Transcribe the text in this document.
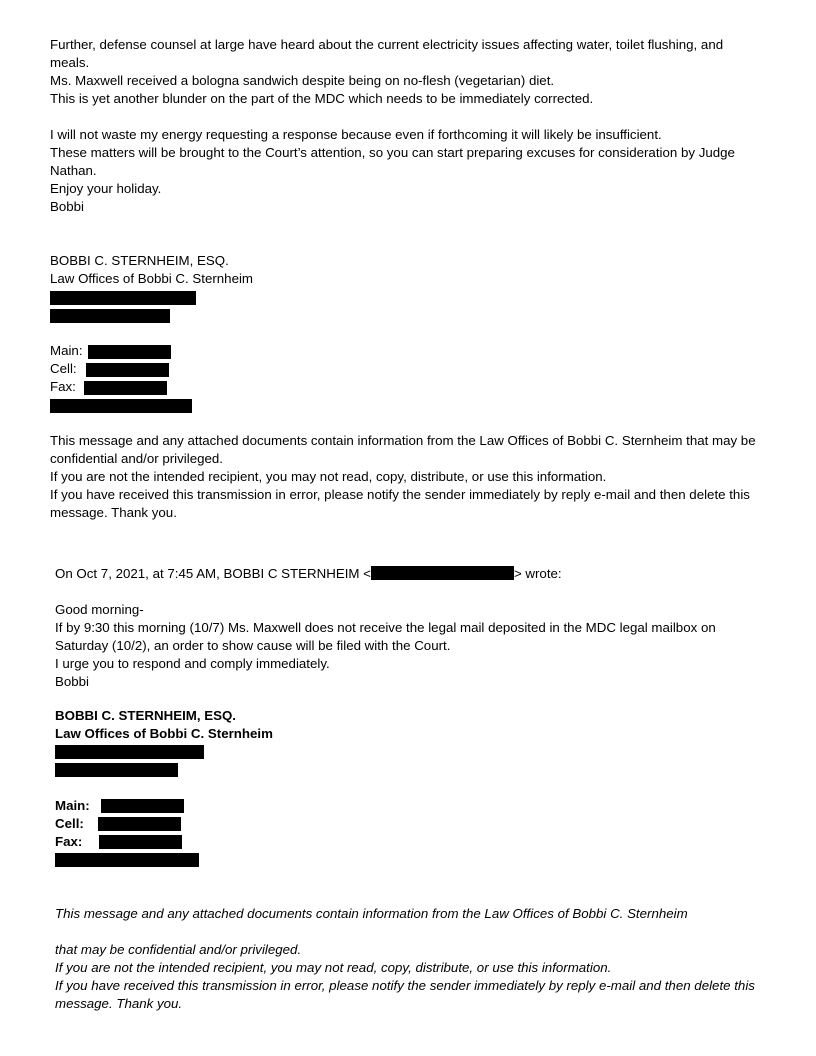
Further, defense counsel at large have heard about the current electricity issues affecting water, toilet flushing, and
meals.
Ms. Maxwell received a bologna sandwich despite being on no-flesh (vegetarian) diet.
This is yet another blunder on the part of the MDC which needs to be immediately corrected.
I will not waste my energy requesting a response because even if forthcoming it will likely be insufficient.
These matters will be brought to the Court’s attention, so you can start preparing excuses for consideration by Judge
Nathan.
Enjoy your holiday.
Bobbi
BOBBI C. STERNHEIM, ESQ.
Law Offices of Bobbi C. Sternheim
Main:
Cell:
Fax:
This message and any attached documents contain information from the Law Offices of Bobbi C. Sternheim that may be
confidential and/or privileged.
If you are not the intended recipient, you may not read, copy, distribute, or use this information.
If you have received this transmission in error, please notify the sender immediately by reply e-mail and then delete this
message. Thank you.
On Oct 7, 2021, at 7:45 AM, BOBBI C STERNHEIM <	> wrote:
Good morning-
If by 9:30 this morning (10/7) Ms. Maxwell does not receive the legal mail deposited in the MDC legal mailbox on
Saturday (10/2), an order to show cause will be filed with the Court.
I urge you to respond and comply immediately.
Bobbi
BOBBI C. STERNHEIM, ESQ.
Law Offices of Bobbi C. Sternheim
Main:
Cell:
Fax:
This message and any attached documents contain information from the Law Offices of Bobbi C. Sternheim
that may be confidential and/or privileged.
If you are not the intended recipient, you may not read, copy, distribute, or use this information.
If you have received this transmission in error, please notify the sender immediately by reply e-mail and then delete this
message. Thank you.
